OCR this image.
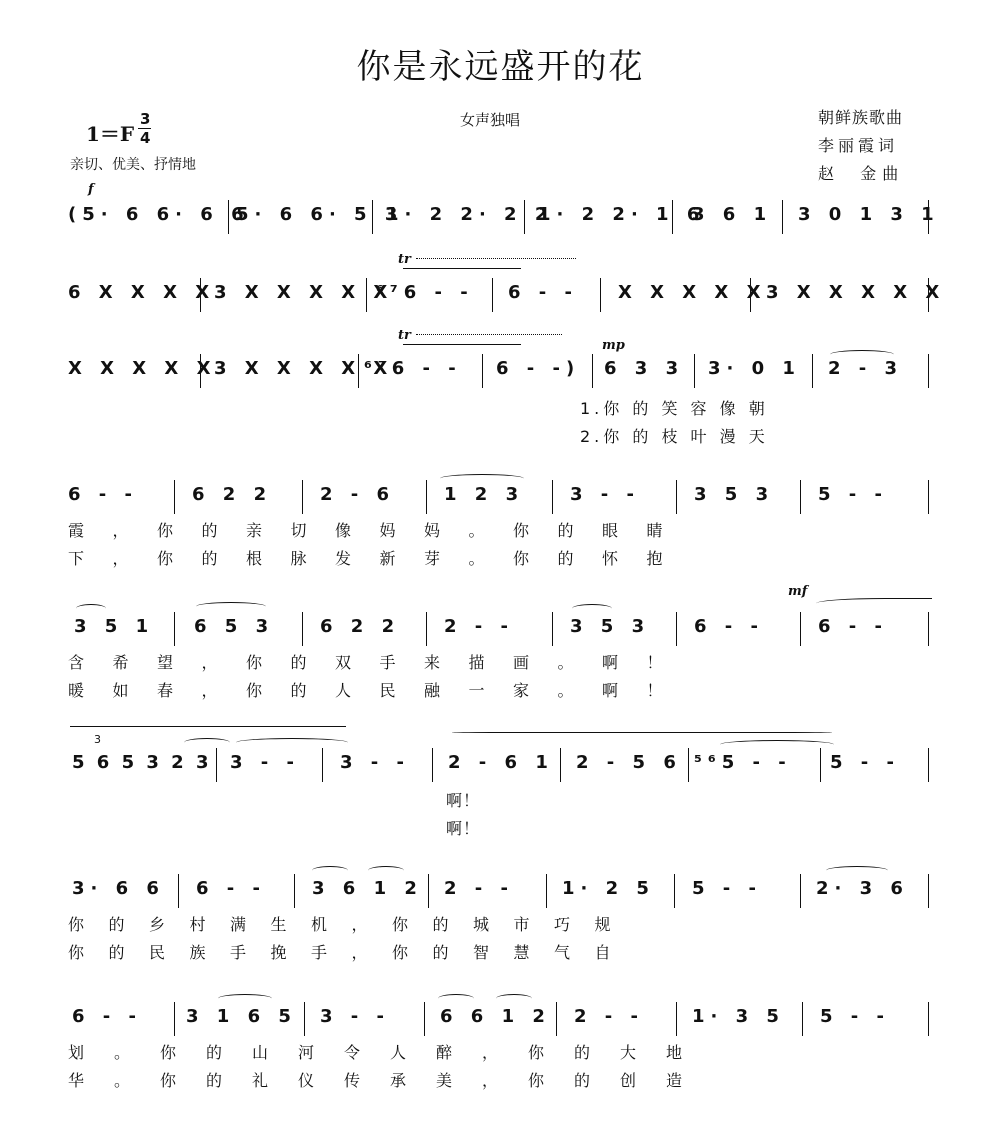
你是永远盛开的花
1＝F
3
4
亲切、优美、抒情地
女声独唱	朝鲜族歌曲
李丽霞词
赵 金曲
f
(5· 6 6· 6 6
5· 6 6· 5 3
1· 2 2· 2 2
1· 2 2· 1 6
3 6 1 3 0 1 3 1
tr
6 X X X X
3 X X X X X
⁶⁷6 - - 6 - - X X X X X 3 X X X X X
tr
mp
X X X X X
3 X X X X X
⁶⁷6 - - 6 - -) 6 3 3 3· 0 1 2 - 3
1.你 的 笑 容 像 朝
2.你 的 枝 叶 漫 天
6 - -	6 2 2	2 - 6	1 2 3	3 - -	3 5 3 5 - -
霞，你的亲切像妈妈。你的眼睛
下，你的根脉发新芽。你的怀抱
mf
3 5 1 6 5 3	6 2 2 2 - -	3 5 3 6 - -	6 - -
含希望，你的双手来描画。啊！
暖如春，你的人民融一家。啊！
3
5 6 5 3 2 3 3 - - 3 - - 2 - 6 1 2 - 5 6 ⁵⁶5 - - 5 - -
啊！
啊！
3· 6 6 6 - -	3 6 1 2 2 - -	1· 2 5 5 - -	2· 3 6
你的乡村满生机，你的城市巧规
你的民族手挽手，你的智慧气自
6 - - 3 1 6 5 3 - -	6 6 1 2 2 - -	1· 3 5 5 - -
划。你的山河令人醉，你的大地
华。你的礼仪传承美，你的创造
